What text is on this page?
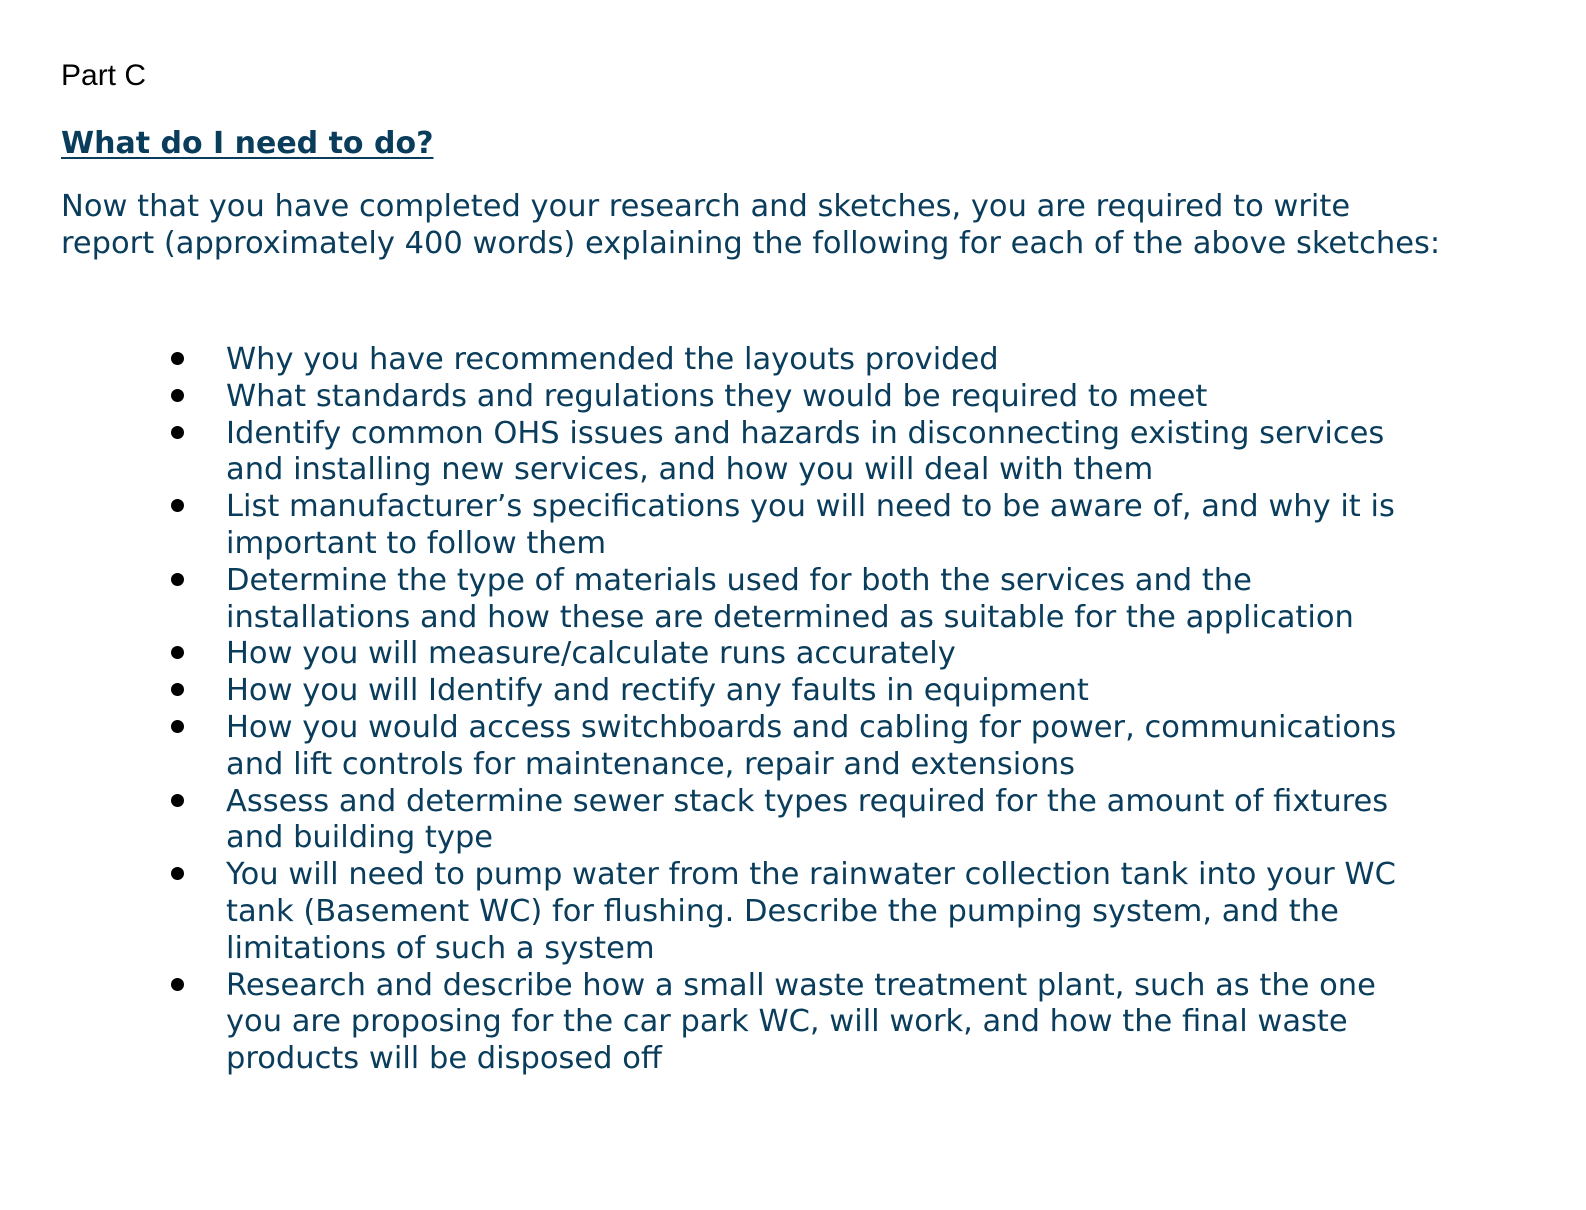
Part C
What do I need to do?

Now that you have completed your research and sketches, you are required to write report (approximately 400 words) explaining the following for each of the above sketches:

Why you have recommended the layouts provided
What standards and regulations they would be required to meet
Identify common OHS issues and hazards in disconnecting existing services and installing new services, and how you will deal with them
List manufacturer’s specifications you will need to be aware of, and why it is important to follow them
Determine the type of materials used for both the services and the installations and how these are determined as suitable for the application
How you will measure/calculate runs accurately
How you will Identify and rectify any faults in equipment
How you would access switchboards and cabling for power, communications and lift controls for maintenance, repair and extensions
Assess and determine sewer stack types required for the amount of fixtures and building type
You will need to pump water from the rainwater collection tank into your WC tank (Basement WC) for flushing. Describe the pumping system, and the limitations of such a system
Research and describe how a small waste treatment plant, such as the one you are proposing for the car park WC, will work, and how the final waste products will be disposed off
